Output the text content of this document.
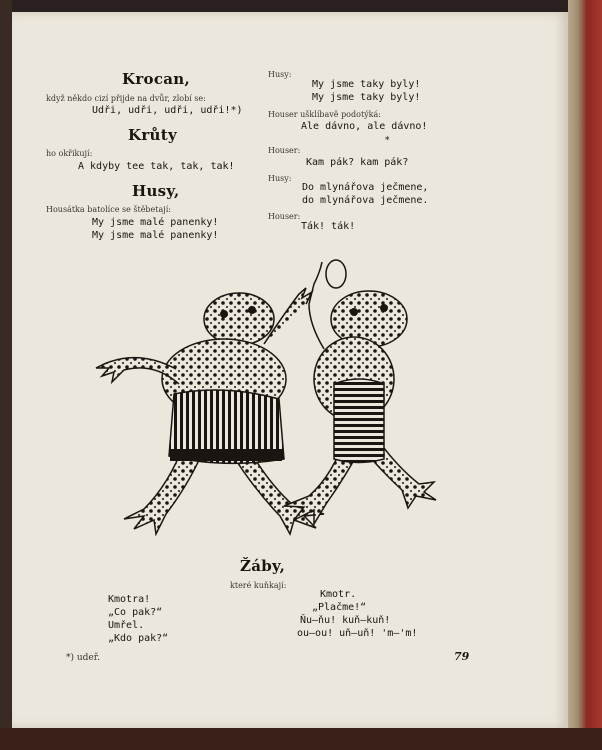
Krocan,
když někdo cizí přijde na dvůr, zlobí se:
Udři, udři, udři, udři!*)
Krůty
ho okřikují:
A kdyby tee tak, tak, tak!
Husy,
Housátka batolíce se štěbetají:
My jsme malé panenky!
My jsme malé panenky!
Husy:
My jsme taky byly!
My jsme taky byly!
Houser ušklíbavě podotýká:
Ale dávno, ale dávno!
*
Houser:
Kam pák? kam pák?
Husy:
Do mlynářova ječmene,
do mlynářova ječmene.
Houser:
Ták! ták!
Žáby,
které kuňkají:
Kmotra!
„Co pak?“
Umřel.
„Kdo pak?“
Kmotr.
„Plačme!“
Ňu—ňu! kuň—kuň!
ou—ou! uň—uň! 'm—'m!
*) udeř.	79
